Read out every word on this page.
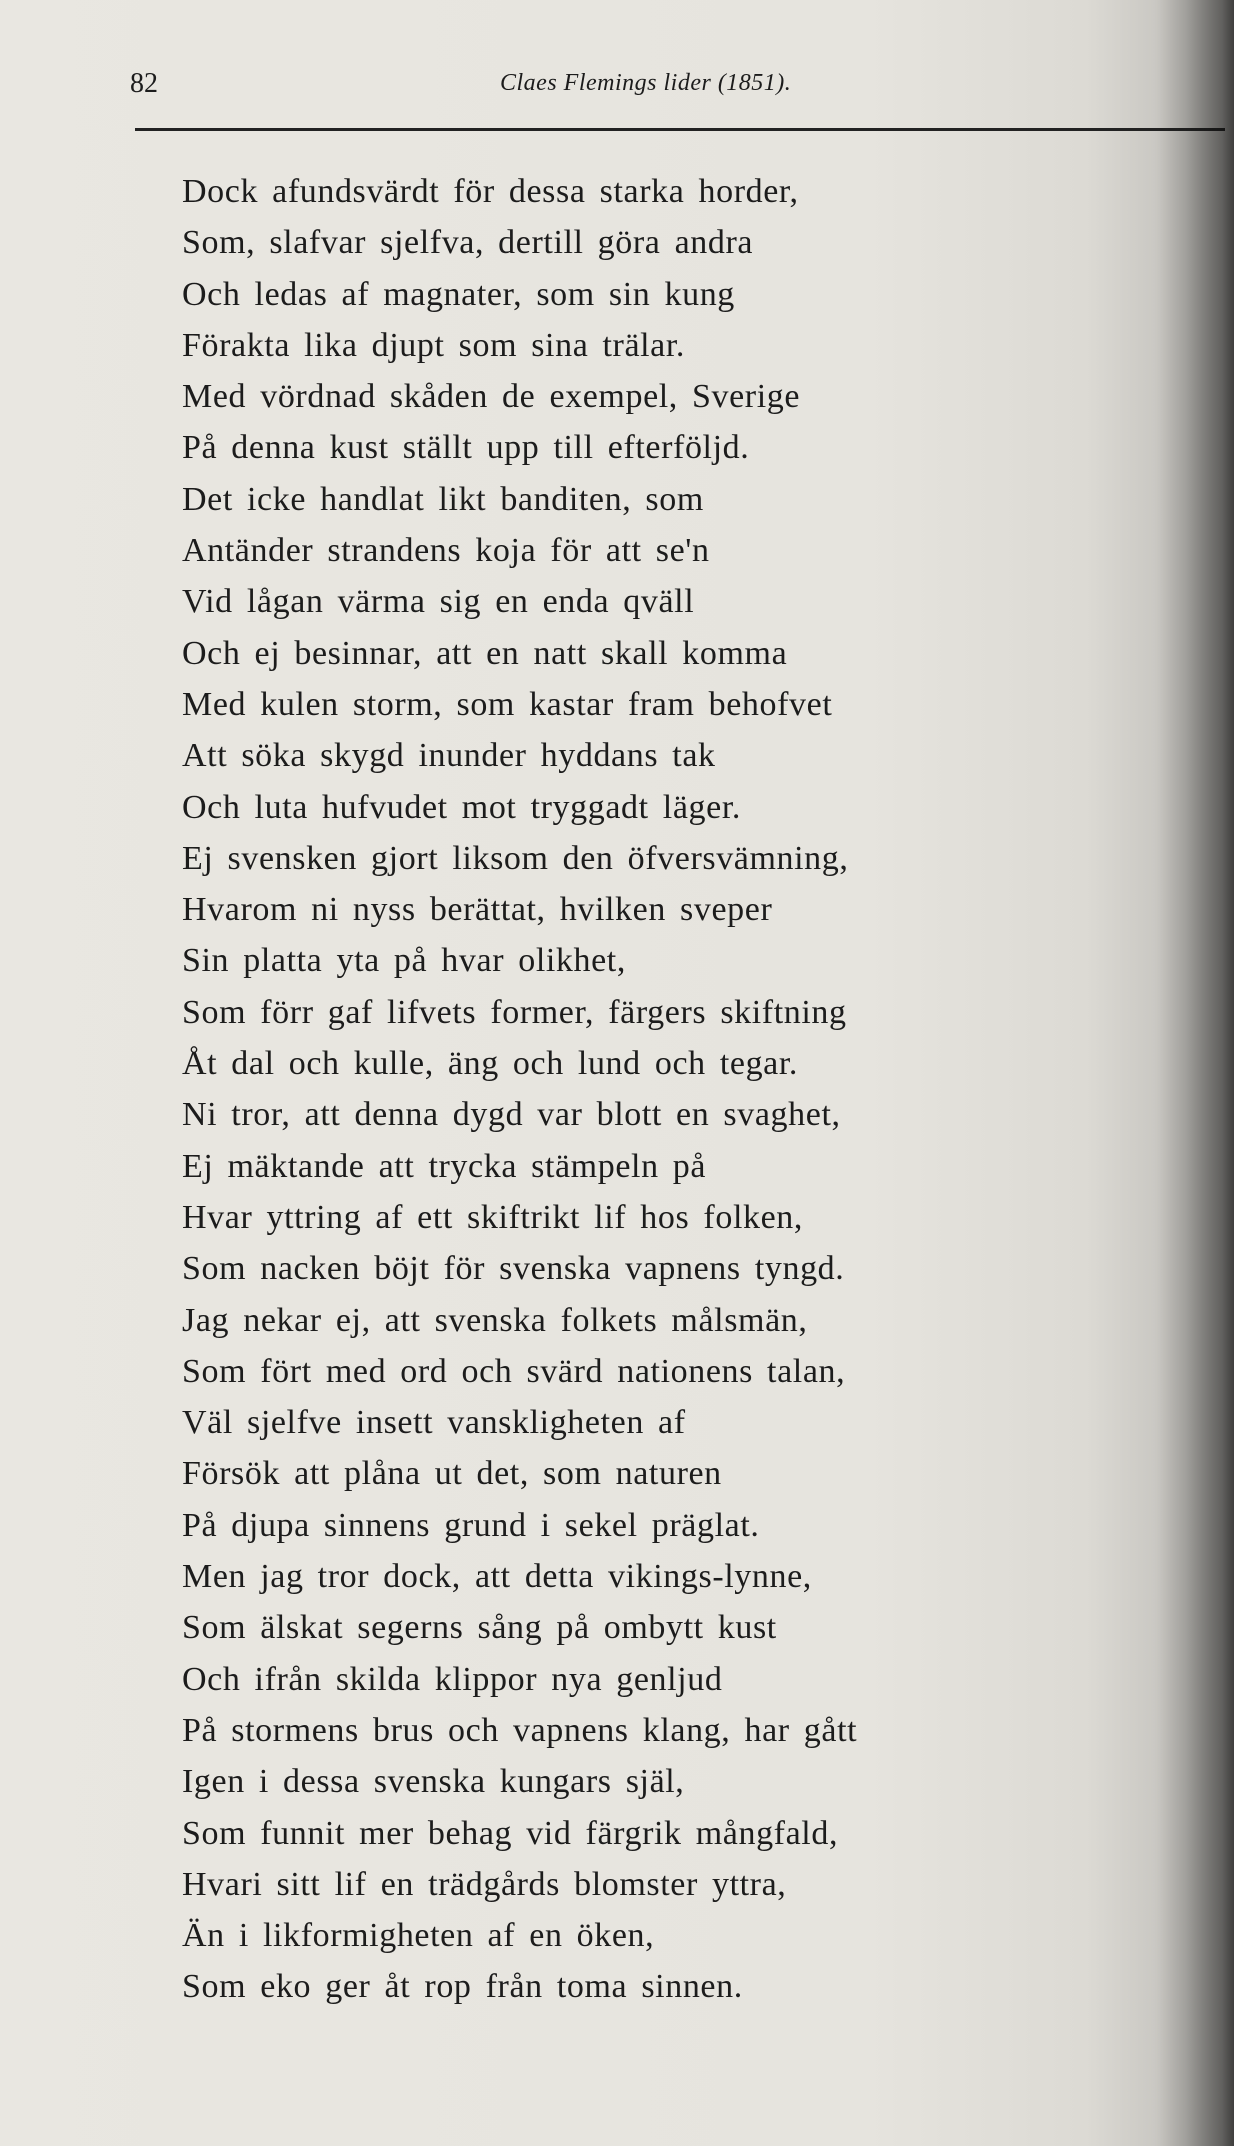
82	Claes Flemings lider (1851).
Dock afundsvärdt för dessa starka horder,
Som, slafvar sjelfva, dertill göra andra
Och ledas af magnater, som sin kung
Förakta lika djupt som sina trälar.
Med vördnad skåden de exempel, Sverige
På denna kust ställt upp till efterföljd.
Det icke handlat likt banditen, som
Antänder strandens koja för att se'n
Vid lågan värma sig en enda qväll
Och ej besinnar, att en natt skall komma
Med kulen storm, som kastar fram behofvet
Att söka skygd inunder hyddans tak
Och luta hufvudet mot tryggadt läger.
Ej svensken gjort liksom den öfversvämning,
Hvarom ni nyss berättat, hvilken sveper
Sin platta yta på hvar olikhet,
Som förr gaf lifvets former, färgers skiftning
Åt dal och kulle, äng och lund och tegar.
Ni tror, att denna dygd var blott en svaghet,
Ej mäktande att trycka stämpeln på
Hvar yttring af ett skiftrikt lif hos folken,
Som nacken böjt för svenska vapnens tyngd.
Jag nekar ej, att svenska folkets målsmän,
Som fört med ord och svärd nationens talan,
Väl sjelfve insett vanskligheten af
Försök att plåna ut det, som naturen
På djupa sinnens grund i sekel präglat.
Men jag tror dock, att detta vikings-lynne,
Som älskat segerns sång på ombytt kust
Och ifrån skilda klippor nya genljud
På stormens brus och vapnens klang, har gått
Igen i dessa svenska kungars själ,
Som funnit mer behag vid färgrik mångfald,
Hvari sitt lif en trädgårds blomster yttra,
Än i likformigheten af en öken,
Som eko ger åt rop från toma sinnen.
